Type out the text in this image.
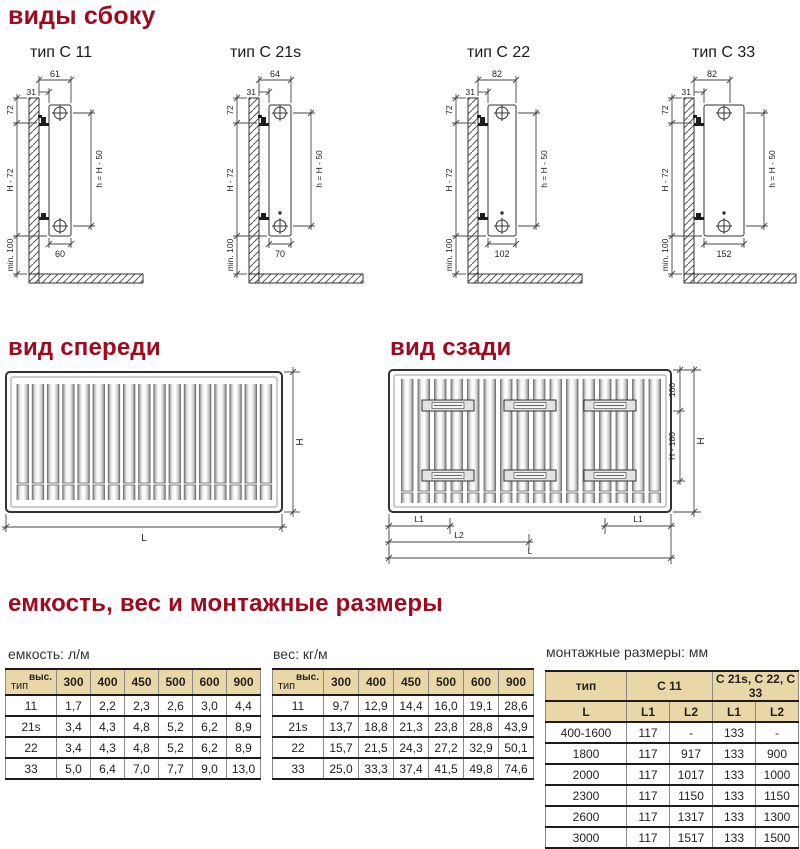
виды сбоку
тип С 11	тип С 21s	тип С 22	тип С 33
61
31
72
H - 72
min. 100
h = H - 50
60
64
31
72
H - 72
min. 100
h = H - 50
70
82
31
72
H - 72
min. 100
h = H - 50
102
82
31
72
H - 72
min. 100
h = H - 50
152
вид спереди	вид сзади
H
L
100
H - 180 H
L1	L1
L2
L
емкость, вес и монтажные размеры
емкость: л/м	вес: кг/м	монтажные размеры: мм
выс.
тип	300	400	450	500	600	900
11	1,7	2,2	2,3	2,6	3,0	4,4
21s	3,4	4,3	4,8	5,2	6,2	8,9
22	3,4	4,3	4,8	5,2	6,2	8,9
33	5,0	6,4	7,0	7,7	9,0	13,0
выс.
тип	300	400	450	500	600	900
11	9,7	12,9	14,4	16,0	19,1	28,6
21s	13,7	18,8	21,3	23,8	28,8	43,9
22	15,7	21,5	24,3	27,2	32,9	50,1
33	25,0	33,3	37,4	41,5	49,8	74,6
тип	С 11		С 21s, С 22, С 33	
L	L1	L2	L1	L2
400-1600	117	-	133	-
1800	117	917	133	900
2000	117	1017	133	1000
2300	117	1150	133	1150
2600	117	1317	133	1300
3000	117	1517	133	1500
